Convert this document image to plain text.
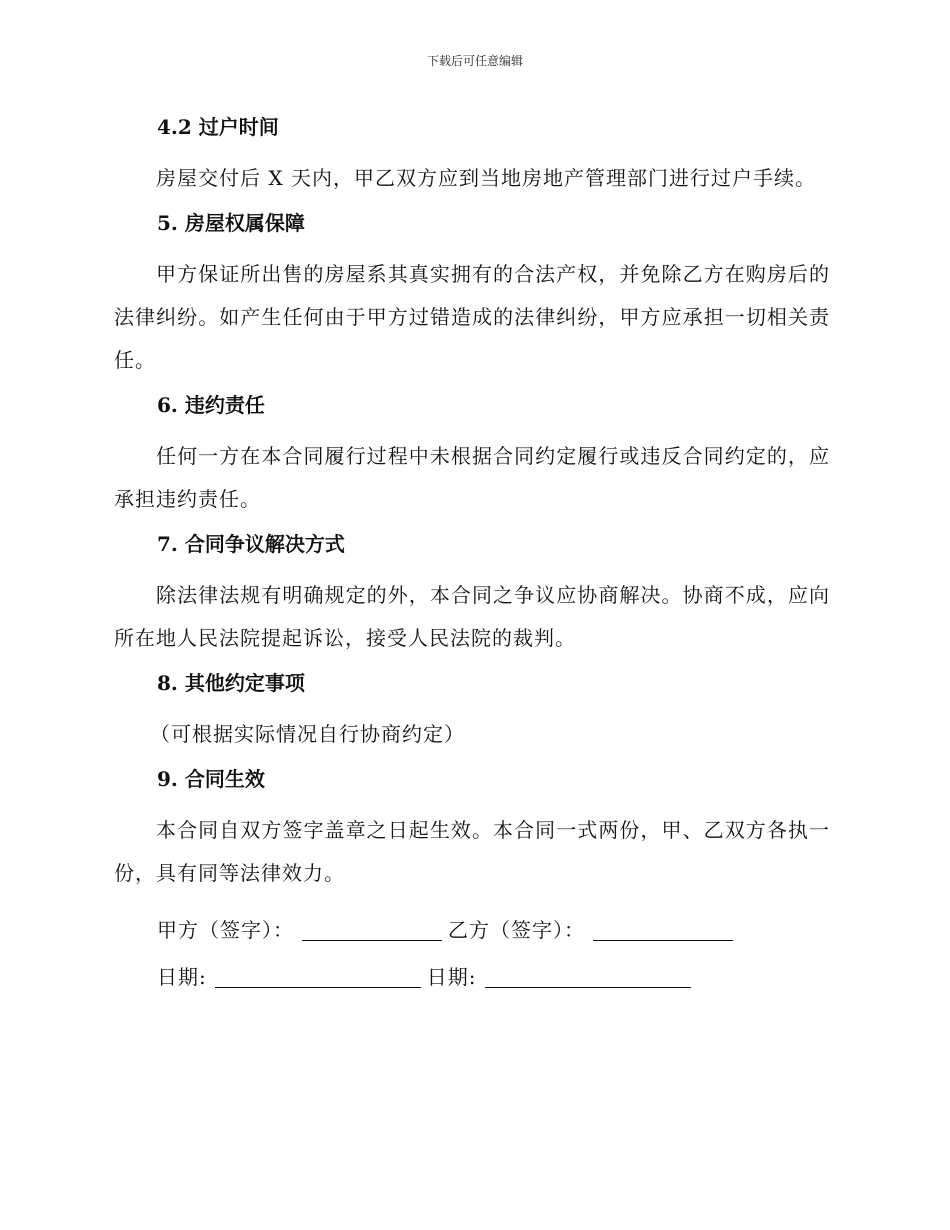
下载后可任意编辑
4.2 过户时间

房屋交付后 X 天内，甲乙双方应到当地房地产管理部门进行过户手续。

5. 房屋权属保障

甲方保证所出售的房屋系其真实拥有的合法产权，并免除乙方在购房后的法律纠纷。如产生任何由于甲方过错造成的法律纠纷，甲方应承担一切相关责任。

6. 违约责任

任何一方在本合同履行过程中未根据合同约定履行或违反合同约定的，应承担违约责任。

7. 合同争议解决方式

除法律法规有明确规定的外，本合同之争议应协商解决。协商不成，应向所在地人民法院提起诉讼，接受人民法院的裁判。

8. 其他约定事项

（可根据实际情况自行协商约定）

9. 合同生效

本合同自双方签字盖章之日起生效。本合同一式两份，甲、乙双方各执一份，具有同等法律效力。

甲方（签字）：	乙方（签字）：
日期:	日期:
